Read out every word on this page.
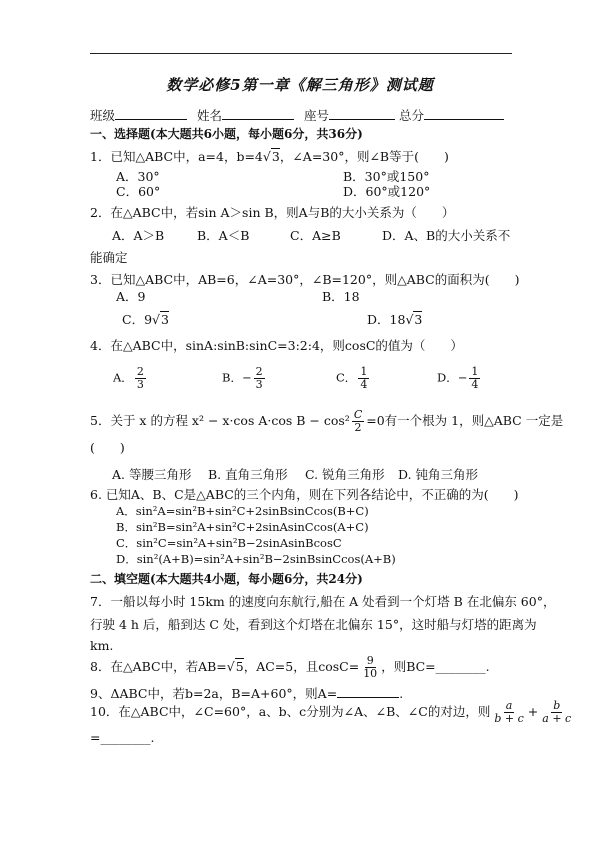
数学必修5第一章《解三角形》测试题
班级	姓名	座号	总分
一、选择题(本大题共6小题，每小题6分，共36分)
1．已知△ABC中，a=4，b=4√3，∠A=30°，则∠B等于(　　)
A．30°	B．30°或150°
C．60°	D．60°或120°
2．在△ABC中，若sin A＞sin B，则A与B的大小关系为（　　）
A．A＞B	B．A＜B	C．A≥B	D．A、B的大小关系不
能确定
3．已知△ABC中，AB=6，∠A=30°，∠B=120°，则△ABC的面积为(　　)
A．9	B．18
C．9√3	D．18√3
4．在△ABC中，sinA:sinB:sinC=3:2:4，则cosC的值为（　　）
A． $\frac{2}{3}$	B．− $\frac{2}{3}$	C． $\frac{1}{4}$	D．− $\frac{1}{4}$
5．关于 x 的方程 x² − x·cos A·cos $B - \cos^2 \frac{C}{2} =0$有一个根为 1，则△ABC 一定是
(　　)
A. 等腰三角形 B. 直角三角形 C. 锐角三角形 D. 钝角三角形
6. 已知A、B、C是△ABC的三个内角，则在下列各结论中，不正确的为(　　)
A．sin²A=sin²B+sin²C+2sinBsinCcos(B+C)
B．sin²B=sin²A+sin²C+2sinAsinCcos(A+C)
C．sin²C=sin²A+sin²B−2sinAsinBcosC
D．sin²(A+B)=sin²A+sin²B−2sinBsinCcos(A+B)
二、填空题(本大题共4小题，每小题6分，共24分)
7．一船以每小时 15km 的速度向东航行,船在 A 处看到一个灯塔 B 在北偏东 60°，
行驶 4 h 后，船到达 C 处，看到这个灯塔在北偏东 15°，这时船与灯塔的距离为
km.
8．在△ABC中，若AB=√5，AC=5，且$\cos C= \frac{9}{10}$ ，则BC=________.
9、ΔABC中，若b=2a，B=A+60°，则A=	.
10．在△ABC中，∠C=60°，a、b、c分别为∠A、∠B、∠C的对边，则 $\frac{a}{b + c} + \frac{b}{a + c}$
=________.
